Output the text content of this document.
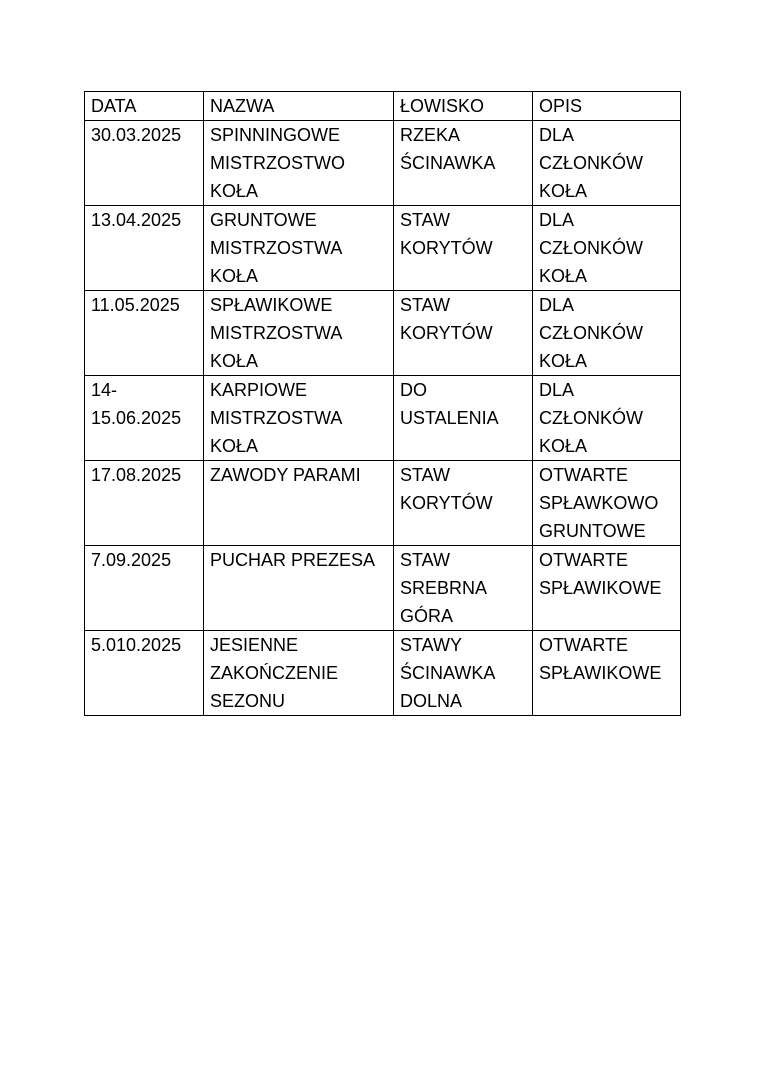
DATA	NAZWA	ŁOWISKO	OPIS

30.03.2025	SPINNINGOWE
MISTRZOSTWO
KOŁA	RZEKA
ŚCINAWKA	DLA
CZŁONKÓW
KOŁA

13.04.2025	GRUNTOWE
MISTRZOSTWA
KOŁA	STAW
KORYTÓW	DLA
CZŁONKÓW
KOŁA

11.05.2025	SPŁAWIKOWE
MISTRZOSTWA
KOŁA	STAW
KORYTÓW	DLA
CZŁONKÓW
KOŁA

14-
15.06.2025	KARPIOWE
MISTRZOSTWA
KOŁA	DO
USTALENIA	DLA
CZŁONKÓW
KOŁA

17.08.2025	ZAWODY PARAMI	STAW
KORYTÓW	OTWARTE
SPŁAWKOWO
GRUNTOWE

7.09.2025	PUCHAR PREZESA	STAW
SREBRNA
GÓRA	OTWARTE
SPŁAWIKOWE

5.010.2025	JESIENNE
ZAKOŃCZENIE
SEZONU	STAWY
ŚCINAWKA
DOLNA	OTWARTE
SPŁAWIKOWE
